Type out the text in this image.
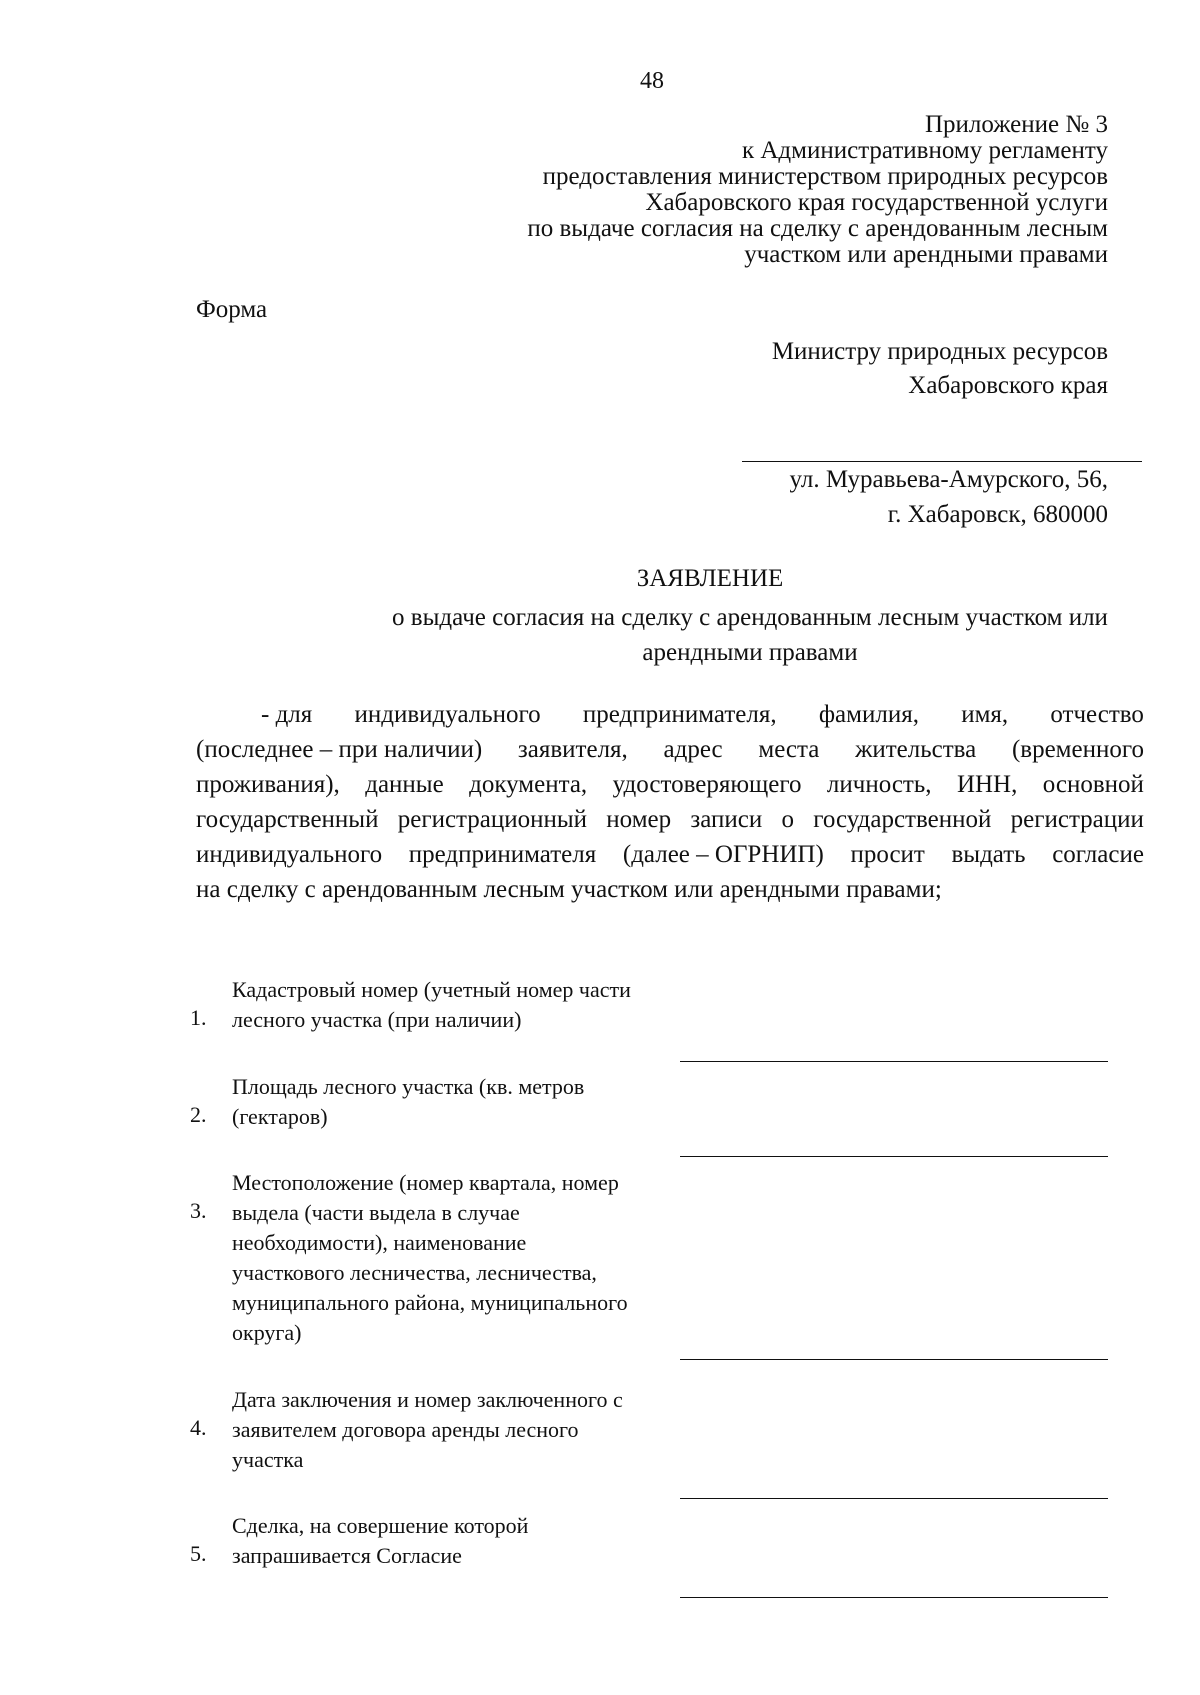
48
Приложение № 3
к Административному регламенту
предоставления министерством природных ресурсов
Хабаровского края государственной услуги
по выдаче согласия на сделку с арендованным лесным
участком или арендными правами
Форма
Министру природных ресурсов
Хабаровского края
ул. Муравьева-Амурского, 56,
г. Хабаровск, 680000
ЗАЯВЛЕНИЕ
о выдаче согласия на сделку с арендованным лесным участком или
арендными правами
- для индивидуального предпринимателя, фамилия, имя, отчество
(последнее – при наличии) заявителя, адрес места жительства (временного
проживания), данные документа, удостоверяющего личность, ИНН, основной
государственный регистрационный номер записи о государственной регистрации
индивидуального предпринимателя (далее – ОГРНИП) просит выдать согласие
на сделку с арендованным лесным участком или арендными правами;
1.
Кадастровый номер (учетный номер части
лесного участка (при наличии)
2.
Площадь лесного участка (кв. метров
(гектаров)
3.
Местоположение (номер квартала, номер
выдела (части выдела в случае
необходимости), наименование
участкового лесничества, лесничества,
муниципального района, муниципального
округа)
4.
Дата заключения и номер заключенного с
заявителем договора аренды лесного
участка
5.
Сделка, на совершение которой
запрашивается Согласие
